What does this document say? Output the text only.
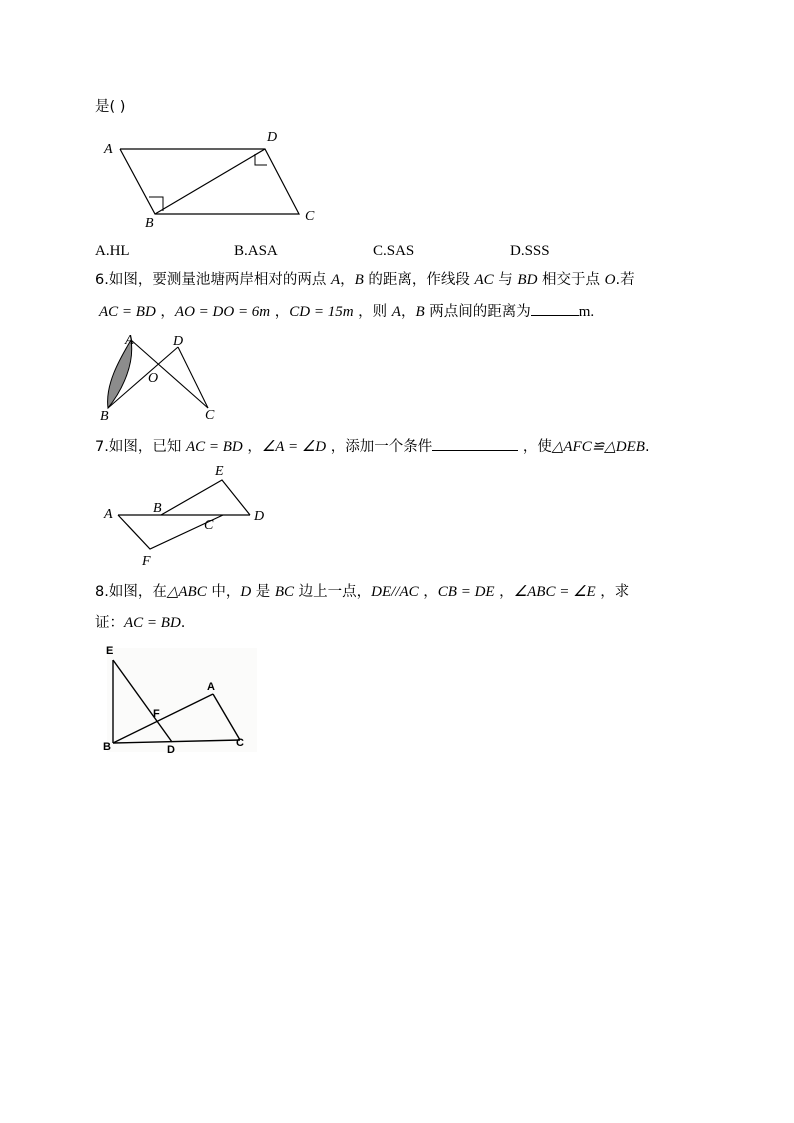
是( )
A
D
B	C
A.HL	B.ASA	C.SAS	D.SSS
6.如图，要测量池塘两岸相对的两点 A，B 的距离，作线段 AC 与 BD 相交于点 O.若
AC = BD ，AO = DO = 6m ，CD = 15m ，则 A，B 两点间的距离为	m.
A	D
O
B	C
7.如图，已知 AC = BD ，∠A = ∠D ，添加一个条件	，使△AFC≌△DEB.
A	B
C
D
E
F
8.如图，在△ABC 中，D 是 BC 边上一点，DE//AC ，CB = DE ，∠ABC = ∠E ，求
证：AC = BD.
E
A
F
B	D
C
